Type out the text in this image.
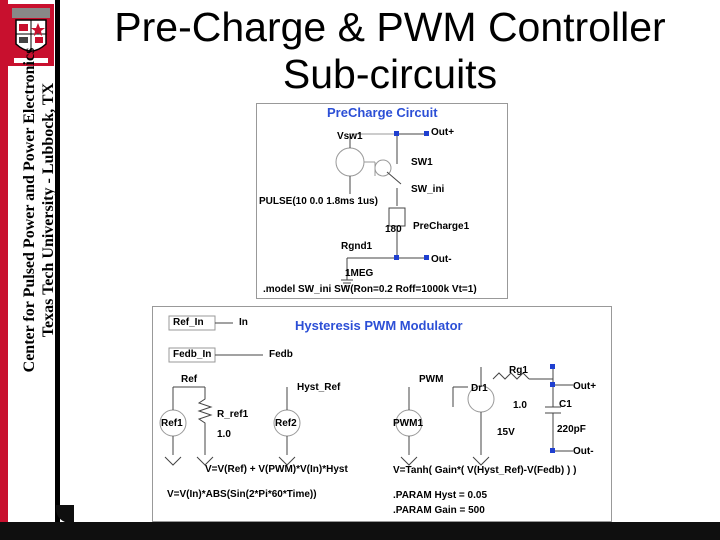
Center for Pulsed Power and Power Electronics Texas Tech University - Lubbock, TX
Pre-Charge & PWM Controller
Sub-circuits
PreCharge Circuit
Vsw1	Out+
SW1
SW_ini
PULSE(10 0.0 1.8ms 1us)
180 PreCharge1
Rgnd1
Out-
1MEG
.model SW_ini SW(Ron=0.2 Roff=1000k Vt=1)
Hysteresis PWM Modulator
Ref_In	In
Fedb_In	Fedb
Ref
Hyst_Ref
PWM
Rg1
Out+
Ref1
R_ref1
1.0
Ref2	PWM1
Dr1
1.0	C1
15V	220pF
Out-
V=V(Ref) + V(PWM)*V(In)*Hyst	V=Tanh( Gain*( V(Hyst_Ref)-V(Fedb) ) )
V=V(In)*ABS(Sin(2*Pi*60*Time))	.PARAM Hyst = 0.05
.PARAM Gain = 500
